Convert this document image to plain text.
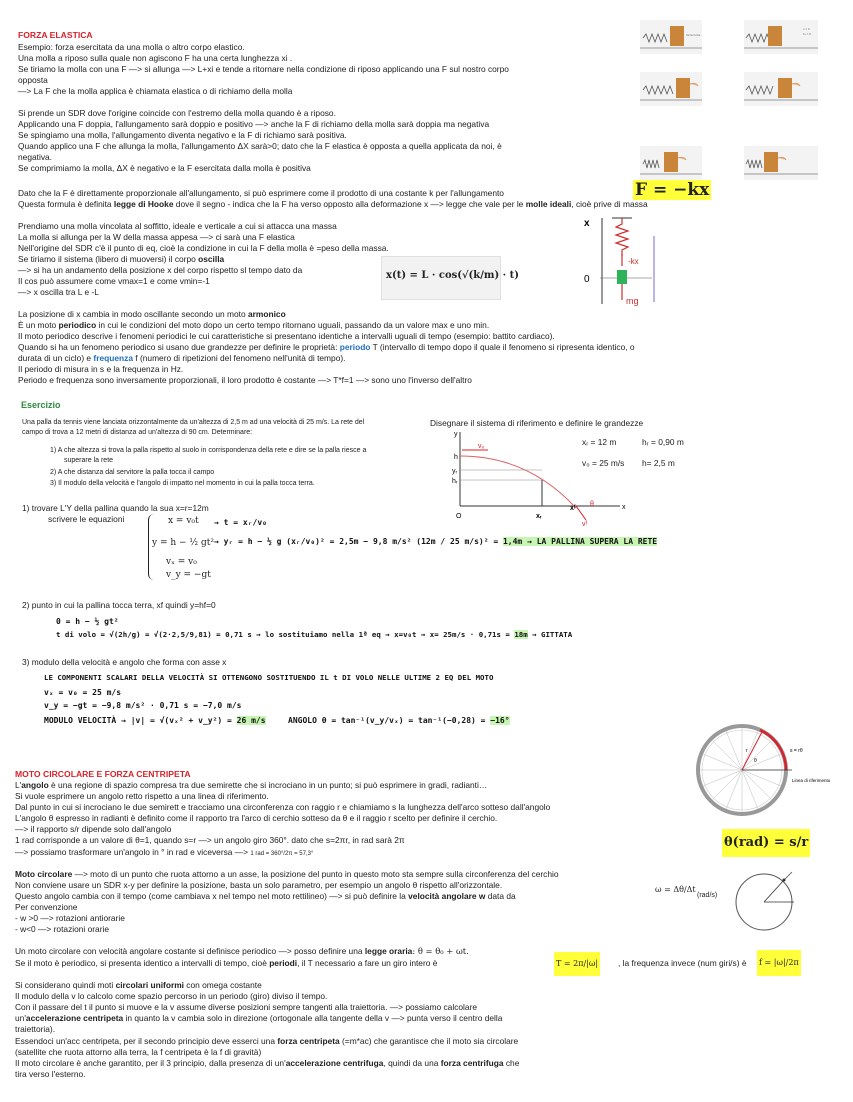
FORZA ELASTICA
Esempio: forza esercitata da una molla o altro corpo elastico.
Una molla a riposo sulla quale non agiscono F ha una certa lunghezza xi .
Se tiriamo la molla con una F —> si allunga —> L+xi e tende a ritornare nella condizione di riposo applicando una F sul nostro corpo
opposta
—> La F che la molla applica è chiamata elastica o di richiamo della molla
Si prende un SDR dove l'origine coincide con l'estremo della molla quando è a riposo.
Applicando una F doppia, l'allungamento sarà doppio e positivo —> anche la F di richiamo della molla sarà doppia ma negativa
Se spingiamo una molla, l'allungamento diventa negativo e la F di richiamo sarà positiva.
Quando applico una F che allunga la molla, l'allungamento ΔX sarà>0; dato che la F elastica è opposta a quella applicata da noi, è
negativa.
Se comprimiamo la molla, ΔX è negativo e la F esercitata dalla molla è positiva
forza forza
x = 0
Fₓ = 0
Dato che la F è direttamente proporzionale all'allungamento, si può esprimere come il prodotto di una costante k per l'allungamento	F = −kx
Questa formula è definita legge di Hooke dove il segno - indica che la F ha verso opposto alla deformazione x —> legge che vale per le molle ideali, cioè prive di massa
Prendiamo una molla vincolata al soffitto, ideale e verticale a cui si attacca una massa
La molla si allunga per la W della massa appesa —> ci sarà una F elastica
Nell'origine del SDR c'è il punto di eq, cioè la condizione in cui la F della molla è =peso della massa.
Se tiriamo il sistema (libero di muoversi) il corpo oscilla
—> si ha un andamento della posizione x del corpo rispetto sl tempo dato da
Il cos può assumere come vmax=1 e come vmin=-1
—> x oscilla tra L e -L
x(t) = L · cos(√(k/m) · t)
x
0
-kx
mg
La posizione di x cambia in modo oscillante secondo un moto armonico
È un moto periodico in cui le condizioni del moto dopo un certo tempo ritornano uguali, passando da un valore max e uno min.
Il moto periodico descrive i fenomeni periodici le cui caratteristiche si presentano identiche a intervalli uguali di tempo (esempio: battito cardiaco).
Quando si ha un fenomeno periodico si usano due grandezze per definire le proprietà: periodo T (intervallo di tempo dopo il quale il fenomeno si ripresenta identico, o
durata di un ciclo) e frequenza f (numero di ripetizioni del fenomeno nell'unità di tempo).
Il periodo di misura in s e la frequenza in Hz.
Periodo e frequenza sono inversamente proporzionali, il loro prodotto è costante —> T*f=1 —> sono uno l'inverso dell'altro
Esercizio
Una palla da tennis viene lanciata orizzontalmente da un'altezza di 2,5 m ad una velocità di 25 m/s. La rete del
campo di trova a 12 metri di distanza ad un'altezza di 90 cm. Determinare:
1) A che altezza si trova la palla rispetto al suolo in corrispondenza della rete e dire se la palla riesce a
superare la rete
2) A che distanza dal servitore la palla tocca il campo
3) Il modulo della velocità e l'angolo di impatto nel momento in cui la palla tocca terra.
Disegnare il sistema di riferimento e definire le grandezze
y
x
h
yᵣ
hᵣ
O
v₀
xᵣ
xᶠ
θ
vᶠ
xᵣ = 12 m	hᵣ = 0,90 m
v₀ = 25 m/s h= 2,5 m
1) trovare L'Y della pallina quando la sua x=r=12m
scrivere le equazioni	x = v₀t
y = h − ½ gt²
vₓ = v₀
v_y = −gt
→ t = xᵣ/v₀
→ yᵣ = h − ½ g (xᵣ/v₀)² = 2,5m − 9,8 m/s² (12m / 25 m/s)² = 1,4m → LA PALLINA SUPERA LA RETE
2) punto in cui la pallina tocca terra, xf quindi y=hf=0
0 = h − ½ gt²
t di volo = √(2h/g) = √(2·2,5/9,81) = 0,71 s → lo sostituiamo nella 1ª eq → x=v₀t → x= 25m/s · 0,71s = 18m → GITTATA
3) modulo della velocità e angolo che forma con asse x
LE COMPONENTI SCALARI DELLA VELOCITÀ SI OTTENGONO SOSTITUENDO IL t DI VOLO NELLE ULTIME 2 EQ DEL MOTO
vₓ = v₀ = 25 m/s
v_y = −gt = −9,8 m/s² · 0,71 s = −7,0 m/s
MODULO VELOCITÀ → |v| = √(vₓ² + v_y²) = 26 m/s	ANGOLO θ = tan⁻¹(v_y/vₓ) = tan⁻¹(−0,28) = −16°
MOTO CIRCOLARE E FORZA CENTRIPETA
L'angolo è una regione di spazio compresa tra due semirette che si incrociano in un punto; si può esprimere in gradi, radianti…
Si vuole esprimere un angolo retto rispetto a una linea di riferimento.
Dal punto in cui si incrociano le due semirett e tracciamo una circonferenza con raggio r e chiamiamo s la lunghezza dell'arco sotteso dall'angolo
L'angolo θ espresso in radianti è definito come il rapporto tra l'arco di cerchio sotteso da θ e il raggio r scelto per definire il cerchio.
—> il rapporto s/r dipende solo dall'angolo
1 rad corrisponde a un valore di θ=1, quando s=r —> un angolo giro 360°. dato che s=2πr, in rad sarà 2π
—> possiamo trasformare un'angolo in ° in rad e viceversa —> 1 rad = 360°/2π = 57,3°
s = rθ
θ
r
Linea di riferimento
θ(rad) = s/r
Moto circolare —> moto di un punto che ruota attorno a un asse, la posizione del punto in questo moto sta sempre sulla circonferenza del cerchio
Non conviene usare un SDR x-y per definire la posizione, basta un solo parametro, per esempio un angolo θ rispetto all'orizzontale.
Questo angolo cambia con il tempo (come cambiava x nel tempo nel moto rettilineo) —> si può definire la velocità angolare w data da
ω = Δθ/Δt
(rad/s)
Per convenzione
- w >0 —> rotazioni antiorarie
- w<0 —> rotazioni orarie
Un moto circolare con velocità angolare costante si definisce periodico —> posso definire una legge oraria: θ = θ₀ + ωt.
Se il moto è periodico, si presenta identico a intervalli di tempo, cioè periodi, il T necessario a fare un giro intero è	T = 2π/|ω| , la frequenza invece (num giri/s) è f = |ω|/2π
Si considerano quindi moti circolari uniformi con omega costante
Il modulo della v lo calcolo come spazio percorso in un periodo (giro) diviso il tempo.
Con il passare del t il punto si muove e la v assume diverse posizioni sempre tangenti alla traiettoria. —> possiamo calcolare
un'accelerazione centripeta in quanto la v cambia solo in direzione (ortogonale alla tangente della v —> punta verso il centro della
traiettoria).
Essendoci un'acc centripeta, per il secondo principio deve esserci una forza centripeta (=m*ac) che garantisce che il moto sia circolare
(satellite che ruota attorno alla terra, la f centripeta è la f di gravità)
Il moto circolare è anche garantito, per il 3 principio, dalla presenza di un'accelerazione centrifuga, quindi da una forza centrifuga che
tira verso l'esterno.
